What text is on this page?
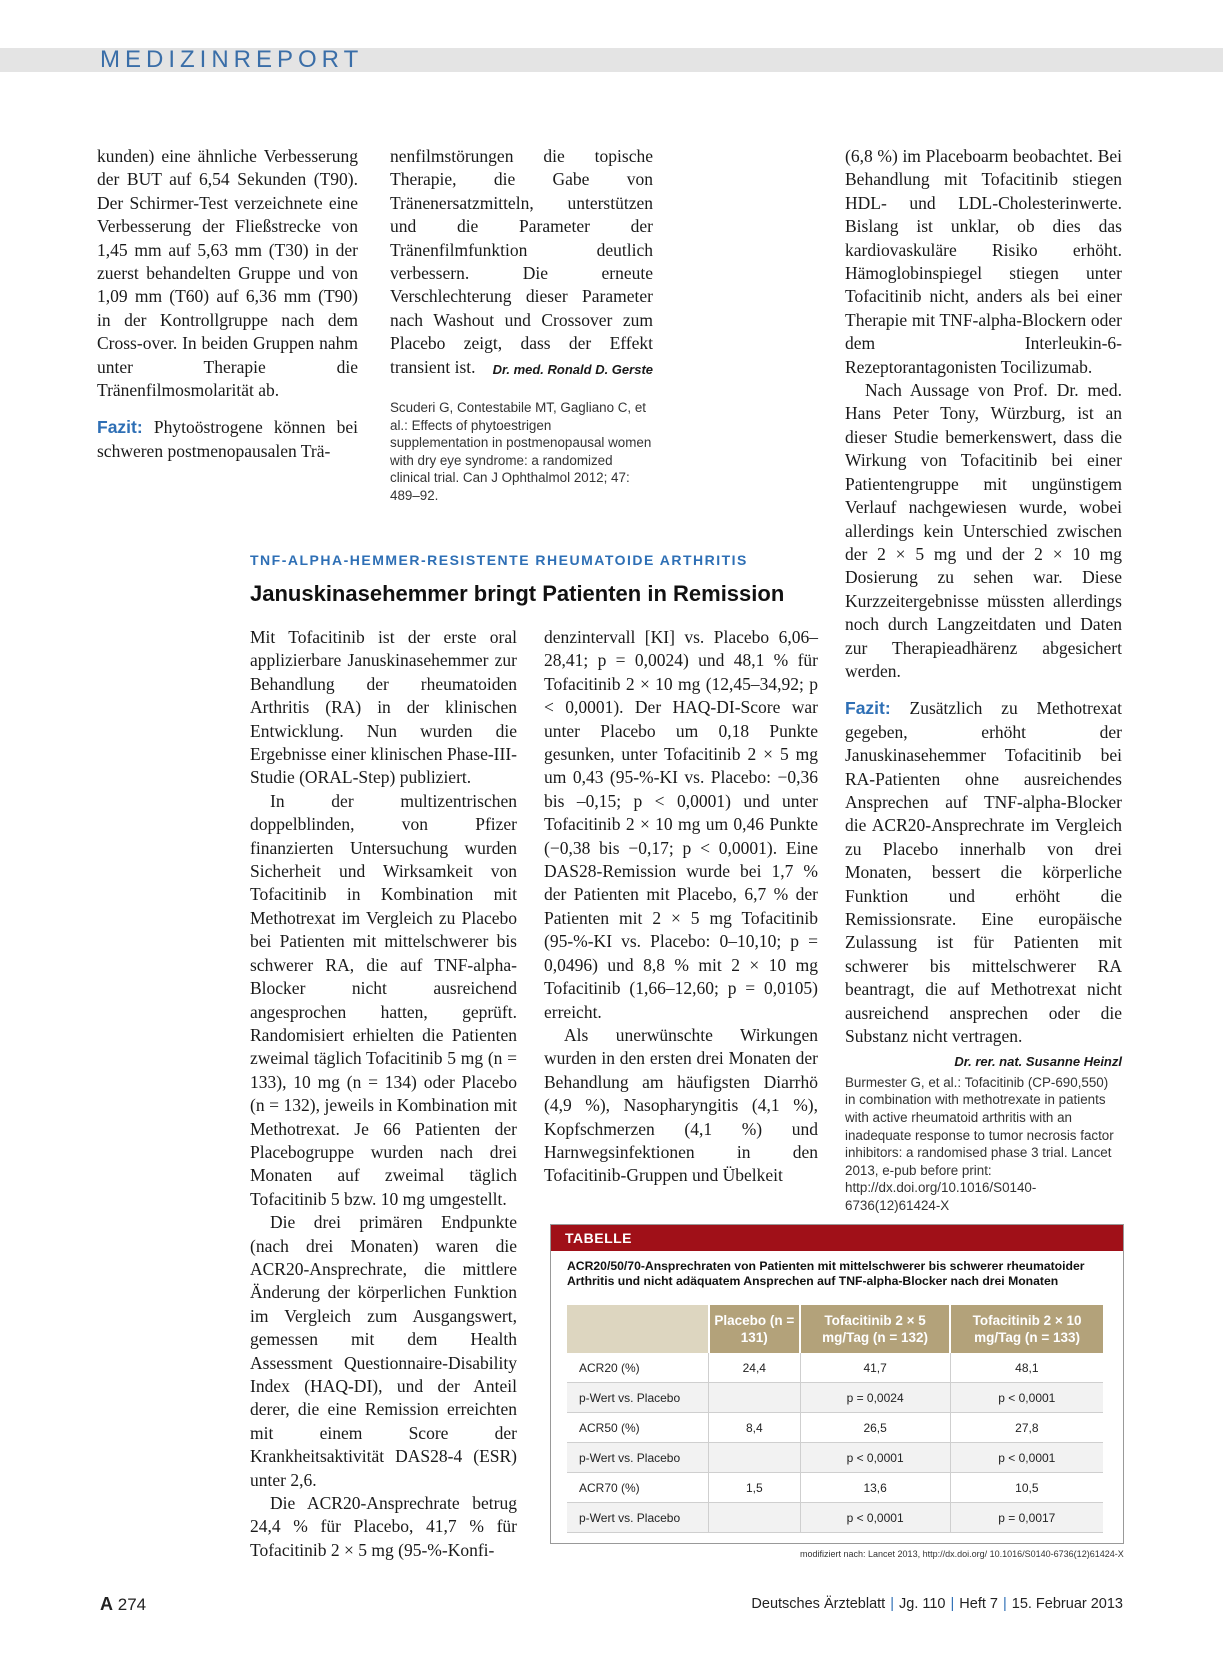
MEDIZINREPORT

kunden) eine ähnliche Verbesserung der BUT auf 6,54 Sekunden (T90). Der Schirmer-Test verzeichnete eine Verbesserung der Fließstrecke von 1,45 mm auf 5,63 mm (T30) in der zuerst behandelten Gruppe und von 1,09 mm (T60) auf 6,36 mm (T90) in der Kontrollgruppe nach dem Cross-over. In beiden Gruppen nahm unter Therapie die Tränenfilmosmolarität ab.

Fazit: Phytoöstrogene können bei schweren postmenopausalen Trä-

nenfilmstörungen die topische Therapie, die Gabe von Tränenersatzmitteln, unterstützen und die Parameter der Tränenfilmfunktion deutlich verbessern. Die erneute Verschlechterung dieser Parameter nach Washout und Crossover zum Placebo zeigt, dass der Effekt transient ist. Dr. med. Ronald D. Gerste

Scuderi G, Contestabile MT, Gagliano C, et al.: Effects of phytoestrigen supplementation in postmenopausal women with dry eye syndrome: a randomized clinical trial. Can J Ophthalmol 2012; 47: 489–92.

TNF-ALPHA-HEMMER-RESISTENTE RHEUMATOIDE ARTHRITIS
Januskinasehemmer bringt Patienten in Remission

Mit Tofacitinib ist der erste oral applizierbare Januskinasehemmer zur Behandlung der rheumatoiden Arthritis (RA) in der klinischen Entwicklung. Nun wurden die Ergebnisse einer klinischen Phase-III-Studie (ORAL-Step) publiziert.

In der multizentrischen doppelblinden, von Pfizer finanzierten Untersuchung wurden Sicherheit und Wirksamkeit von Tofacitinib in Kombination mit Methotrexat im Vergleich zu Placebo bei Patienten mit mittelschwerer bis schwerer RA, die auf TNF-alpha-Blocker nicht ausreichend angesprochen hatten, geprüft. Randomisiert erhielten die Patienten zweimal täglich Tofacitinib 5 mg (n = 133), 10 mg (n = 134) oder Placebo (n = 132), jeweils in Kombination mit Methotrexat. Je 66 Patienten der Placebogruppe wurden nach drei Monaten auf zweimal täglich Tofacitinib 5 bzw. 10 mg umgestellt.

Die drei primären Endpunkte (nach drei Monaten) waren die ACR20-Ansprechrate, die mittlere Änderung der körperlichen Funktion im Vergleich zum Ausgangswert, gemessen mit dem Health Assessment Questionnaire-Disability Index (HAQ-DI), und der Anteil derer, die eine Remission erreichten mit einem Score der Krankheitsaktivität DAS28-4 (ESR) unter 2,6.

Die ACR20-Ansprechrate betrug 24,4 % für Placebo, 41,7 % für Tofacitinib 2 × 5 mg (95-%-Konfi-

denzintervall [KI] vs. Placebo 6,06–28,41; p = 0,0024) und 48,1 % für Tofacitinib 2 × 10 mg (12,45–34,92; p < 0,0001). Der HAQ-DI-Score war unter Placebo um 0,18 Punkte gesunken, unter Tofacitinib 2 × 5 mg um 0,43 (95-%-KI vs. Placebo: −0,36 bis –0,15; p < 0,0001) und unter Tofacitinib 2 × 10 mg um 0,46 Punkte (−0,38 bis −0,17; p < 0,0001). Eine DAS28-Remission wurde bei 1,7 % der Patienten mit Placebo, 6,7 % der Patienten mit 2 × 5 mg Tofacitinib (95-%-KI vs. Placebo: 0–10,10; p = 0,0496) und 8,8 % mit 2 × 10 mg Tofacitinib (1,66–12,60; p = 0,0105) erreicht.

Als unerwünschte Wirkungen wurden in den ersten drei Monaten der Behandlung am häufigsten Diarrhö (4,9 %), Nasopharyngitis (4,1 %), Kopfschmerzen (4,1 %) und Harnwegsinfektionen in den Tofacitinib-Gruppen und Übelkeit

(6,8 %) im Placeboarm beobachtet. Bei Behandlung mit Tofacitinib stiegen HDL- und LDL-Cholesterinwerte. Bislang ist unklar, ob dies das kardiovaskuläre Risiko erhöht. Hämoglobinspiegel stiegen unter Tofacitinib nicht, anders als bei einer Therapie mit TNF-alpha-Blockern oder dem Interleukin-6-Rezeptorantagonisten Tocilizumab.

Nach Aussage von Prof. Dr. med. Hans Peter Tony, Würzburg, ist an dieser Studie bemerkenswert, dass die Wirkung von Tofacitinib bei einer Patientengruppe mit ungünstigem Verlauf nachgewiesen wurde, wobei allerdings kein Unterschied zwischen der 2 × 5 mg und der 2 × 10 mg Dosierung zu sehen war. Diese Kurzzeitergebnisse müssten allerdings noch durch Langzeitdaten und Daten zur Therapieadhärenz abgesichert werden.

Fazit: Zusätzlich zu Methotrexat gegeben, erhöht der Januskinasehemmer Tofacitinib bei RA-Patienten ohne ausreichendes Ansprechen auf TNF-alpha-Blocker die ACR20-Ansprechrate im Vergleich zu Placebo innerhalb von drei Monaten, bessert die körperliche Funktion und erhöht die Remissionsrate. Eine europäische Zulassung ist für Patienten mit schwerer bis mittelschwerer RA beantragt, die auf Methotrexat nicht ausreichend ansprechen oder die Substanz nicht vertragen.
Dr. rer. nat. Susanne Heinzl

Burmester G, et al.: Tofacitinib (CP-690,550) in combination with methotrexate in patients with active rheumatoid arthritis with an inadequate response to tumor necrosis factor inhibitors: a randomised phase 3 trial. Lancet 2013, e-pub before print: http://dx.doi.org/10.1016/S0140-6736(12)61424-X

TABELLE
ACR20/50/70-Ansprechraten von Patienten mit mittelschwerer bis schwerer rheumatoider Arthritis und nicht adäquatem Ansprechen auf TNF-alpha-Blocker nach drei Monaten
	Placebo (n = 131)	Tofacitinib 2 × 5 mg/Tag (n = 132)	Tofacitinib 2 × 10 mg/Tag (n = 133)
ACR20 (%)	24,4	41,7	48,1
p-Wert vs. Placebo		p = 0,0024	p < 0,0001
ACR50 (%)	8,4	26,5	27,8
p-Wert vs. Placebo		p < 0,0001	p < 0,0001
ACR70 (%)	1,5	13,6	10,5
p-Wert vs. Placebo		p < 0,0001	p = 0,0017
modifiziert nach: Lancet 2013, http://dx.doi.org/ 10.1016/S0140-6736(12)61424-X
A 274	Deutsches Ärzteblatt | Jg. 110 | Heft 7 | 15. Februar 2013
